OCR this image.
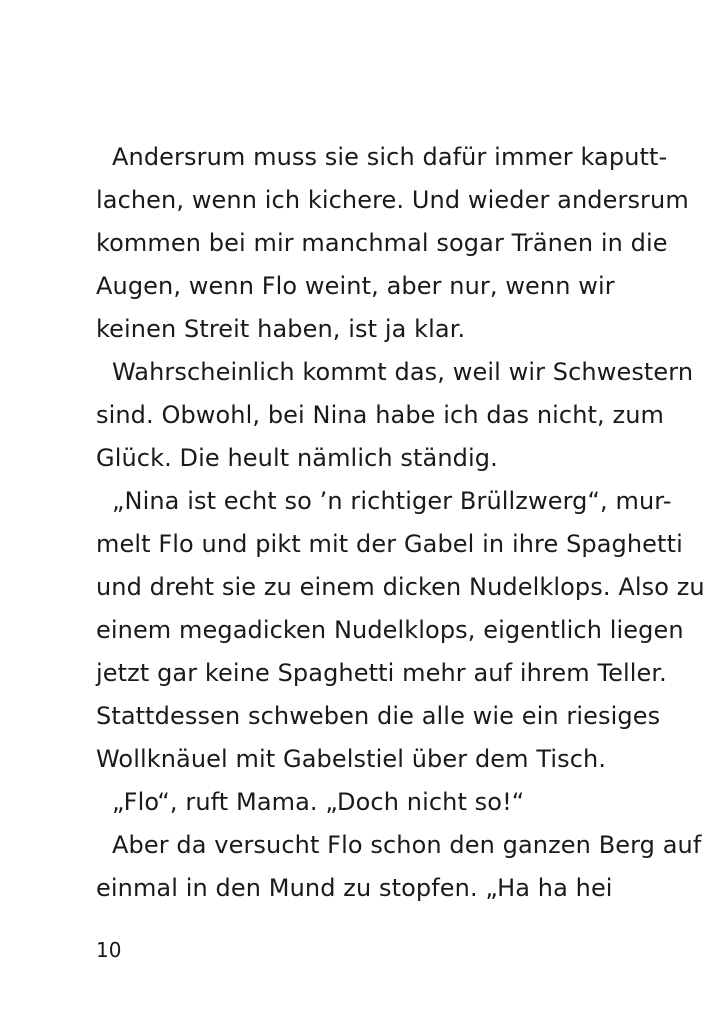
Andersrum muss sie sich dafür immer kaputt-
lachen, wenn ich kichere. Und wieder andersrum
kommen bei mir manchmal sogar Tränen in die
Augen, wenn Flo weint, aber nur, wenn wir
keinen Streit haben, ist ja klar.
Wahrscheinlich kommt das, weil wir Schwestern
sind. Obwohl, bei Nina habe ich das nicht, zum
Glück. Die heult nämlich ständig.
„Nina ist echt so ’n richtiger Brüllzwerg“, mur-
melt Flo und pikt mit der Gabel in ihre Spaghetti
und dreht sie zu einem dicken Nudelklops. Also zu
einem megadicken Nudelklops, eigentlich liegen
jetzt gar keine Spaghetti mehr auf ihrem Teller.
Stattdessen schweben die alle wie ein riesiges
Wollknäuel mit Gabelstiel über dem Tisch.
„Flo“, ruft Mama. „Doch nicht so!“
Aber da versucht Flo schon den ganzen Berg auf
einmal in den Mund zu stopfen. „Ha ha hei
10
